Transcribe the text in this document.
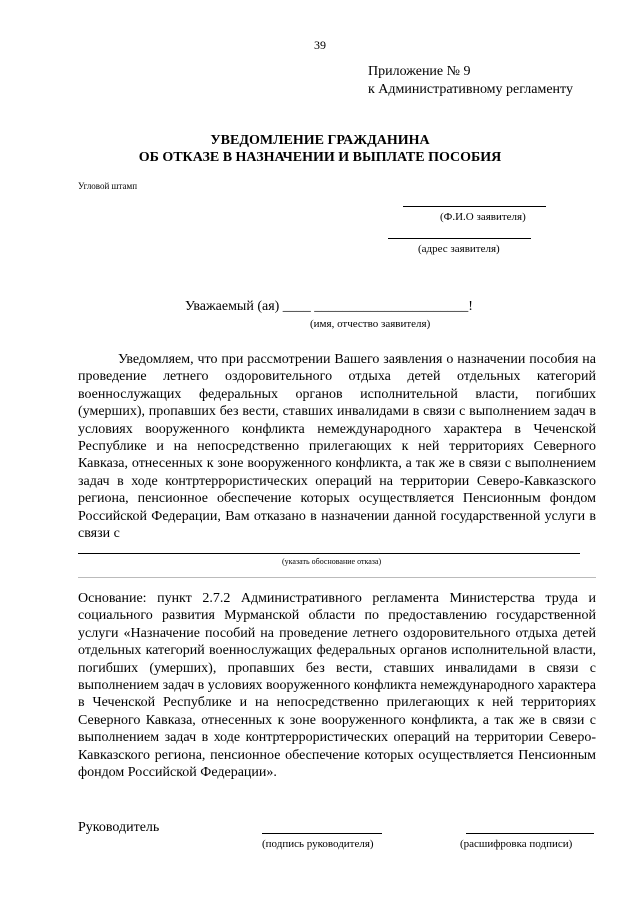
39
Приложение № 9
к Административному регламенту
УВЕДОМЛЕНИЕ ГРАЖДАНИНА
ОБ ОТКАЗЕ В НАЗНАЧЕНИИ И ВЫПЛАТЕ ПОСОБИЯ
Угловой штамп
(Ф.И.О заявителя)
(адрес заявителя)
Уважаемый (ая) ____ ______________________!
(имя, отчество заявителя)

Уведомляем, что при рассмотрении Вашего заявления о назначении пособия на проведение летнего оздоровительного отдыха детей отдельных категорий военнослужащих федеральных органов исполнительной власти, погибших (умерших), пропавших без вести, ставших инвалидами в связи с выполнением задач в условиях вооруженного конфликта немеждународного характера в Чеченской Республике и на непосредственно прилегающих к ней территориях Северного Кавказа, отнесенных к зоне вооруженного конфликта, а так же в связи с выполнением задач в ходе контртеррористических операций на территории Северо-Кавказского региона, пенсионное обеспечение которых осуществляется Пенсионным фондом Российской Федерации, Вам отказано в назначении данной государственной услуги в связи с

(указать обоснование отказа)

Основание: пункт 2.7.2 Административного регламента Министерства труда и социального развития Мурманской области по предоставлению государственной услуги «Назначение пособий на проведение летнего оздоровительного отдыха детей отдельных категорий военнослужащих федеральных органов исполнительной власти, погибших (умерших), пропавших без вести, ставших инвалидами в связи с выполнением задач в условиях вооруженного конфликта немеждународного характера в Чеченской Республике и на непосредственно прилегающих к ней территориях Северного Кавказа, отнесенных к зоне вооруженного конфликта, а так же в связи с выполнением задач в ходе контртеррористических операций на территории Северо-Кавказского региона, пенсионное обеспечение которых осуществляется Пенсионным фондом Российской Федерации».

Руководитель
(подпись руководителя)	(расшифровка подписи)
